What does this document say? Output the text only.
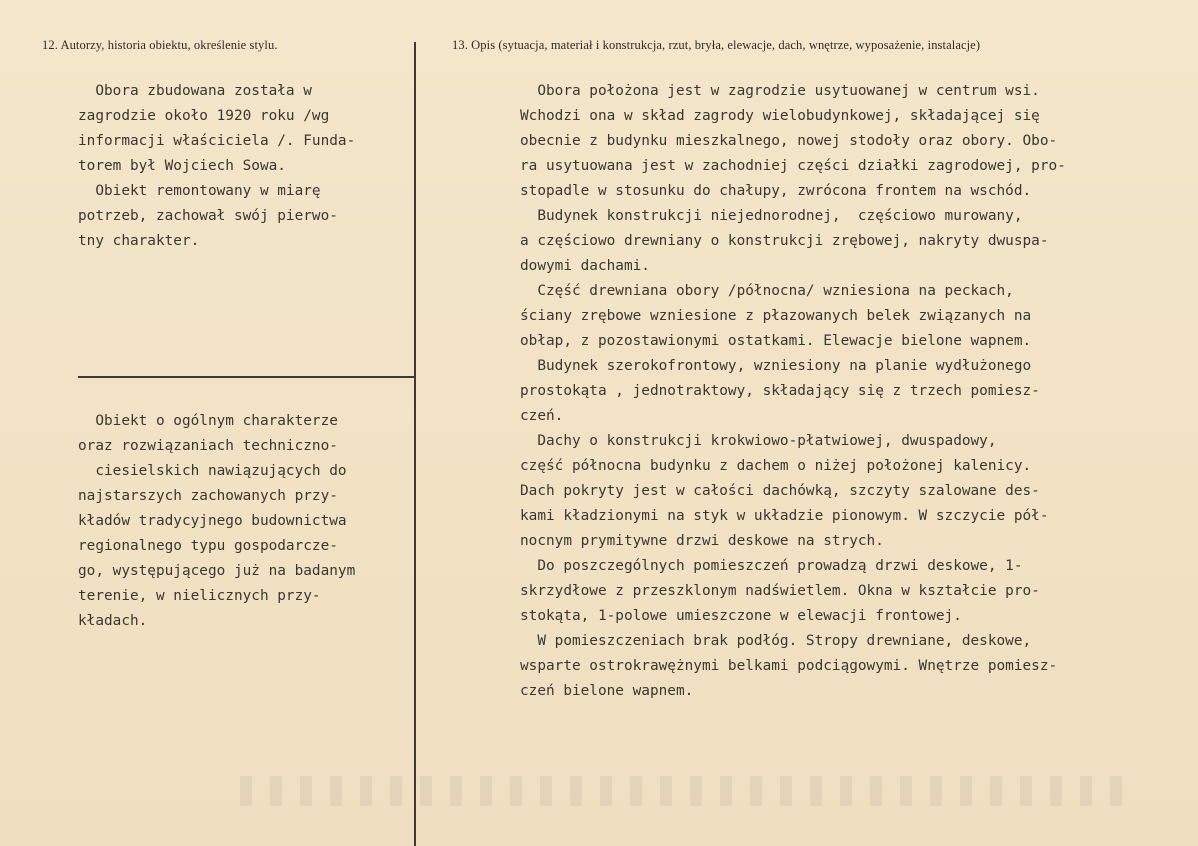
12. Autorzy, historia obiektu, określenie stylu.	13. Opis (sytuacja, materiał i konstrukcja, rzut, bryła, elewacje, dach, wnętrze, wyposażenie, instalacje)
Obora zbudowana została w
zagrodzie około 1920 roku /wg
informacji właściciela /. Funda-
torem był Wojciech Sowa.
Obiekt remontowany w miarę
potrzeb, zachował swój pierwo-
tny charakter.
Obiekt o ogólnym charakterze
oraz rozwiązaniach techniczno-
ciesielskich nawiązujących do
najstarszych zachowanych przy-
kładów tradycyjnego budownictwa
regionalnego typu gospodarcze-
go, występującego już na badanym
terenie, w nielicznych przy-
kładach.
Obora położona jest w zagrodzie usytuowanej w centrum wsi.
Wchodzi ona w skład zagrody wielobudynkowej, składającej się
obecnie z budynku mieszkalnego, nowej stodoły oraz obory. Obo-
ra usytuowana jest w zachodniej części działki zagrodowej, pro-
stopadle w stosunku do chałupy, zwrócona frontem na wschód.
Budynek konstrukcji niejednorodnej,  częściowo murowany,
a częściowo drewniany o konstrukcji zrębowej, nakryty dwuspa-
dowymi dachami.
Część drewniana obory /północna/ wzniesiona na peckach,
ściany zrębowe wzniesione z płazowanych belek związanych na
obłap, z pozostawionymi ostatkami. Elewacje bielone wapnem.
Budynek szerokofrontowy, wzniesiony na planie wydłużonego
prostokąta , jednotraktowy, składający się z trzech pomiesz-
czeń.
Dachy o konstrukcji krokwiowo-płatwiowej, dwuspadowy,
część północna budynku z dachem o niżej położonej kalenicy.
Dach pokryty jest w całości dachówką, szczyty szalowane des-
kami kładzionymi na styk w układzie pionowym. W szczycie pół-
nocnym prymitywne drzwi deskowe na strych.
Do poszczególnych pomieszczeń prowadzą drzwi deskowe, 1-
skrzydłowe z przeszklonym nadświetlem. Okna w kształcie pro-
stokąta, 1-polowe umieszczone w elewacji frontowej.
W pomieszczeniach brak podłóg. Stropy drewniane, deskowe,
wsparte ostrokrawężnymi belkami podciągowymi. Wnętrze pomiesz-
czeń bielone wapnem.
